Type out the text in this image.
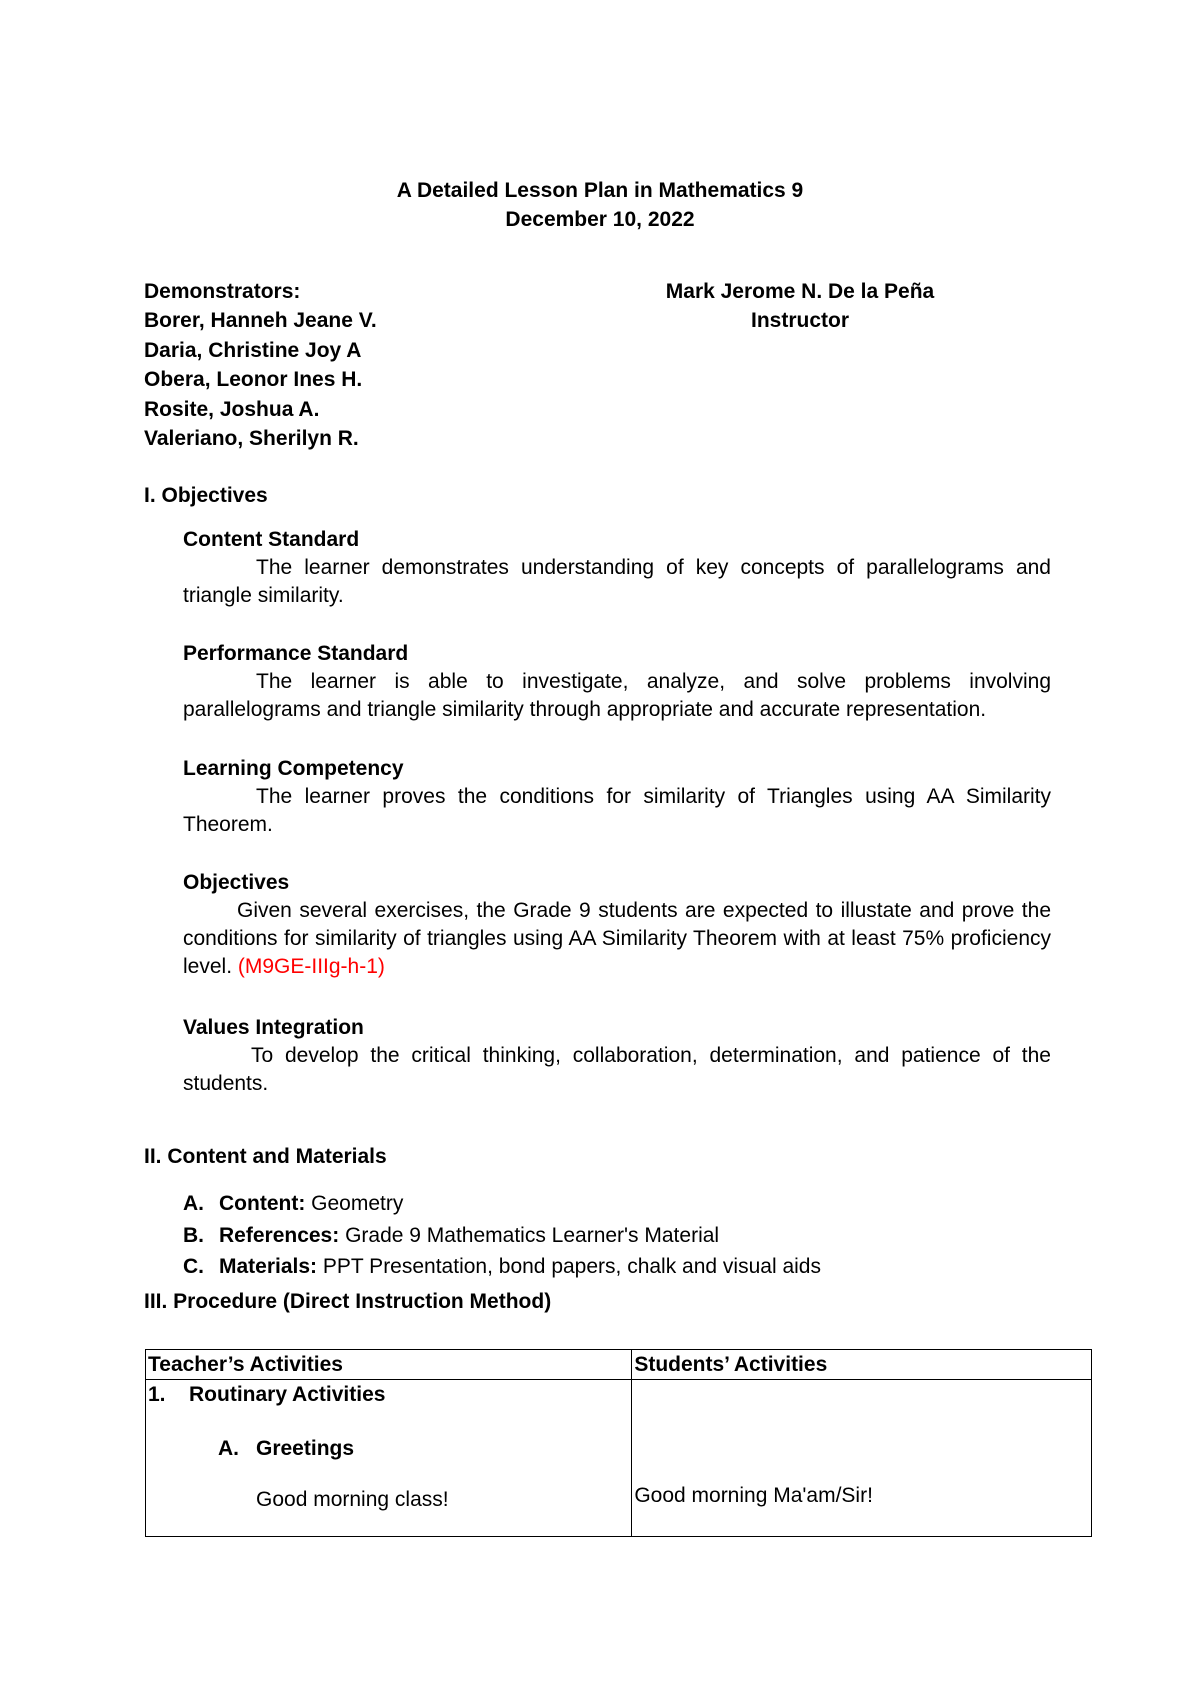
A Detailed Lesson Plan in Mathematics 9
December 10, 2022
Demonstrators:
Borer, Hanneh Jeane V.
Daria, Christine Joy A
Obera, Leonor Ines H.
Rosite, Joshua A.
Valeriano, Sherilyn R.
Mark Jerome N. De la Peña
Instructor
I. Objectives
Content Standard
The learner demonstrates understanding of key concepts of parallelograms and triangle similarity.
Performance Standard
The learner is able to investigate, analyze, and solve problems involving parallelograms and triangle similarity through appropriate and accurate representation.
Learning Competency
The learner proves the conditions for similarity of Triangles using AA Similarity Theorem.
Objectives
Given several exercises, the Grade 9 students are expected to illustate and prove the conditions for similarity of triangles using AA Similarity Theorem with at least 75% proficiency level. (M9GE-IIIg-h-1)
Values Integration
To develop the critical thinking, collaboration, determination, and patience of the students.
II. Content and Materials
A. Content: Geometry
B. References: Grade 9 Mathematics Learner's Material
C. Materials: PPT Presentation, bond papers, chalk and visual aids
III. Procedure (Direct Instruction Method)
Teacher’s Activities	Students’ Activities

1. Routinary Activities
A. Greetings
Good morning class!	Good morning Ma'am/Sir!
